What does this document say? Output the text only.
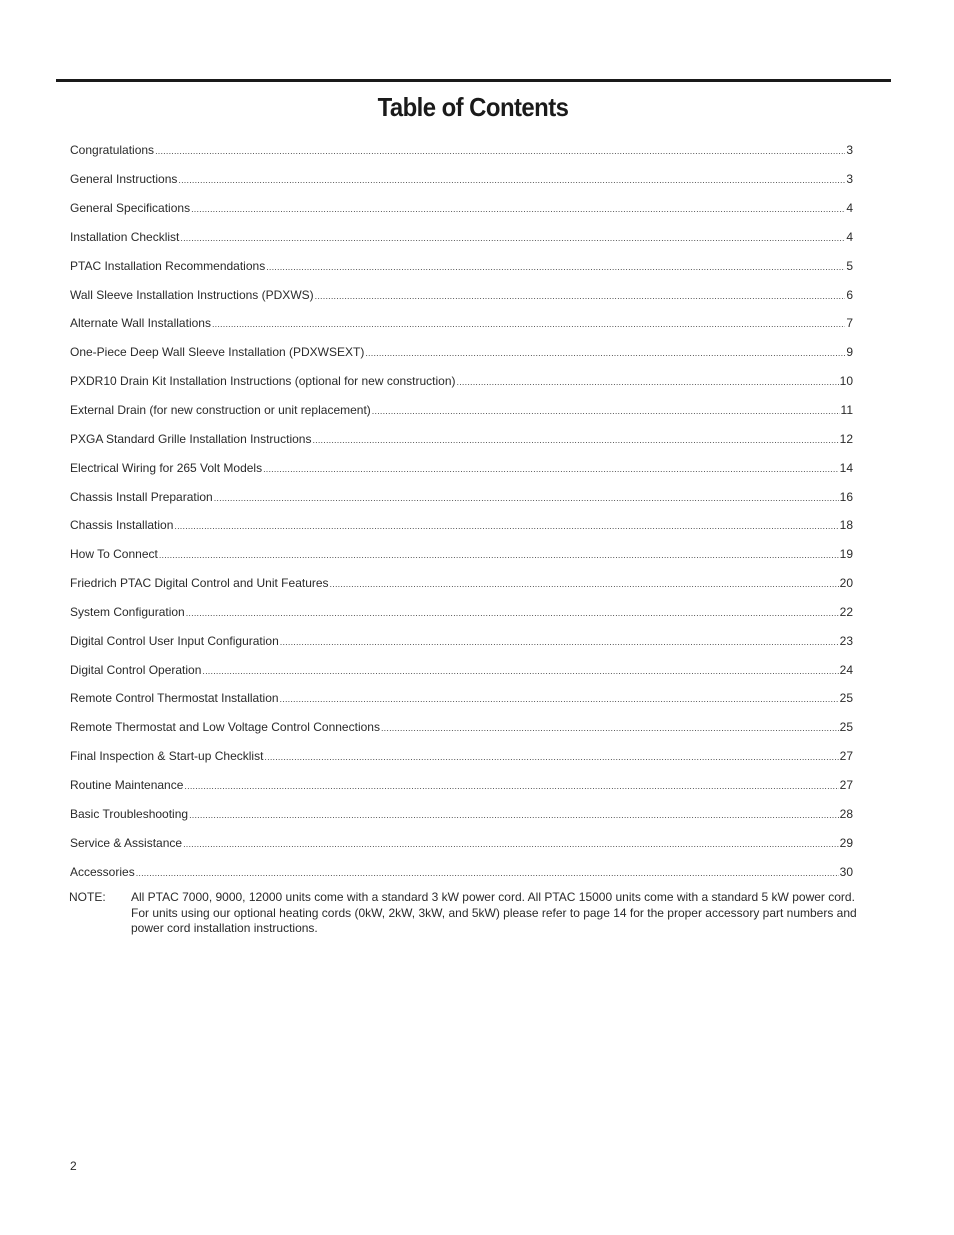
Table of Contents
Congratulations .....	3
General Instructions .....	3
General Specifications .....	4
Installation Checklist .....	4
PTAC Installation Recommendations .....	5
Wall Sleeve Installation Instructions (PDXWS) .....	6
Alternate Wall Installations .....	7
One-Piece Deep Wall Sleeve Installation (PDXWSEXT) .....	9
PXDR10 Drain Kit Installation Instructions (optional for new construction) .....	10
External Drain (for new construction or unit replacement) .....	11
PXGA Standard Grille Installation Instructions .....	12
Electrical Wiring for 265 Volt Models .....	14
Chassis Install Preparation .....	16
Chassis Installation .....	18
How To Connect .....	19
Friedrich PTAC Digital Control and Unit Features .....	20
System Configuration .....	22
Digital Control User Input Configuration .....	23
Digital Control Operation .....	24
Remote Control Thermostat Installation .....	25
Remote Thermostat and Low Voltage Control Connections .....	25
Final Inspection & Start-up Checklist .....	27
Routine Maintenance .....	27
Basic Troubleshooting .....	28
Service & Assistance .....	29
Accessories .....	30
NOTE: All PTAC 7000, 9000, 12000 units come with a standard 3 kW power cord. All PTAC 15000 units come with a standard 5 kW power cord. For units using our optional heating cords (0kW, 2kW, 3kW, and 5kW) please refer to page 14 for the proper accessory part numbers and power cord installation instructions.
2
